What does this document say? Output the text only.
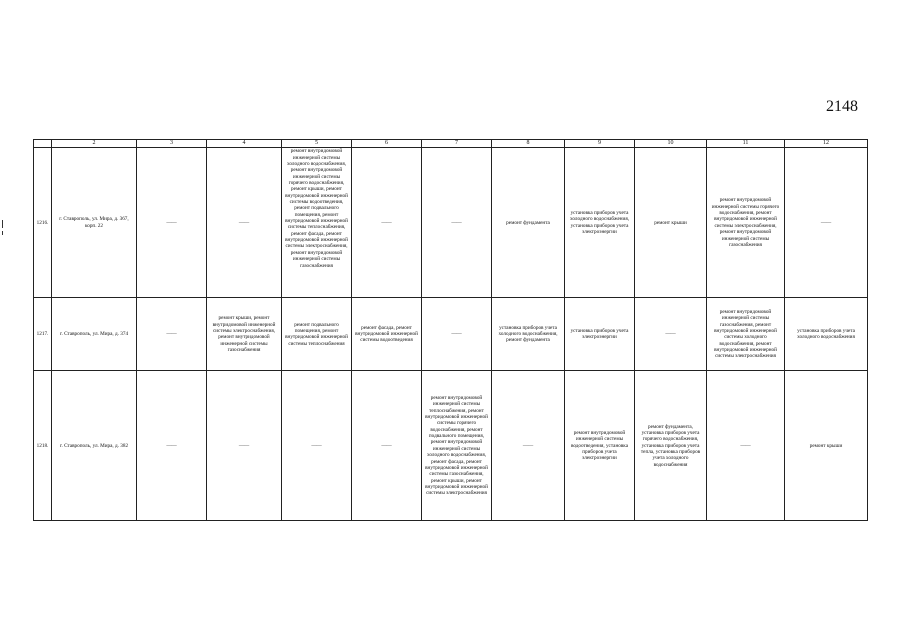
2148
	2	3	4	5	6	7	8	9	10	11	12
1216.	г. Ставрополь, ул. Мира, д. 367, корп. 22	——	——	ремонт внутридомовой инженерной системы холодного водоснабжения, ремонт внутридомовой инженерной системы горячего водоснабжения, ремонт крыши, ремонт внутридомовой инженерной системы водоотведения, ремонт подвального помещения, ремонт внутридомовой инженерной системы теплоснабжения, ремонт фасада, ремонт внутридомовой инженерной системы электроснабжения, ремонт внутридомовой инженерной системы газоснабжения	——	——	ремонт фундамента	установка приборов учета холодного водоснабжения, установка приборов учета электроэнергии	ремонт крыши	ремонт внутридомовой инженерной системы горячего водоснабжения, ремонт внутридомовой инженерной системы электроснабжения, ремонт внутридомовой инженерной системы газоснабжения	——
1217.	г. Ставрополь, ул. Мира, д. 374	——	ремонт крыши, ремонт внутридомовой инженерной системы электроснабжения, ремонт внутридомовой инженерной системы газоснабжения	ремонт подвального помещения, ремонт внутридомовой инженерной системы теплоснабжения	ремонт фасада, ремонт внутридомовой инженерной системы водоотведения	——	установка приборов учета холодного водоснабжения, ремонт фундамента	установка приборов учета электроэнергии	——	ремонт внутридомовой инженерной системы газоснабжения, ремонт внутридомовой инженерной системы холодного водоснабжения, ремонт внутридомовой инженерной системы электроснабжения	установка приборов учета холодного водоснабжения
1218.	г. Ставрополь, ул. Мира, д. 382	——	——	——	——	ремонт внутридомовой инженерной системы теплоснабжения, ремонт внутридомовой инженерной системы горячего водоснабжения, ремонт подвального помещения, ремонт внутридомовой инженерной системы холодного водоснабжения, ремонт фасада, ремонт внутридомовой инженерной системы газоснабжения, ремонт крыши, ремонт внутридомовой инженерной системы электроснабжения	——	ремонт внутридомовой инженерной системы водоотведения, установка приборов учета электроэнергии	ремонт фундамента, установка приборов учета горячего водоснабжения, установка приборов учета тепла, установка приборов учета холодного водоснабжения	——	ремонт крыши
